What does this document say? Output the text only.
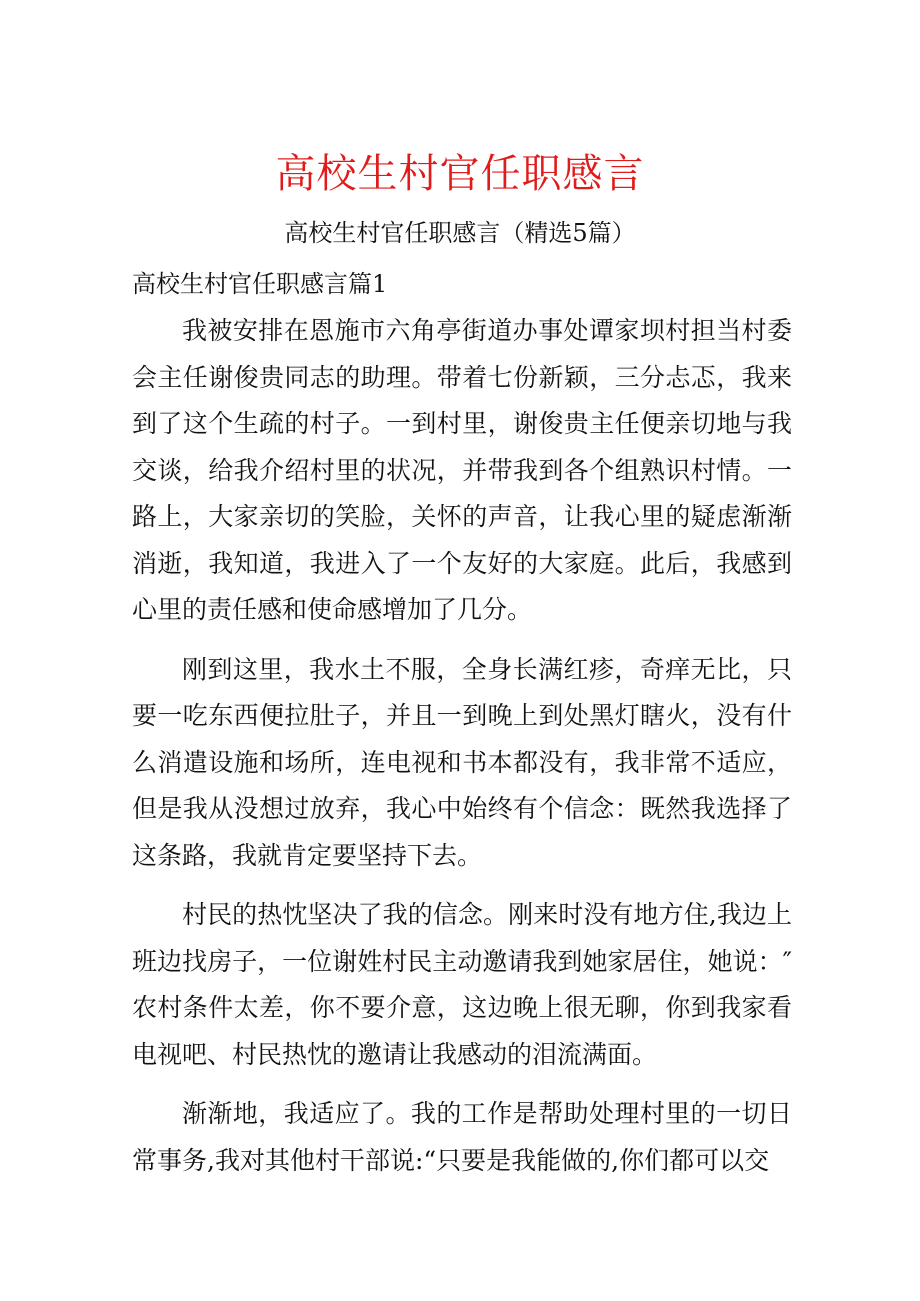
高校生村官任职感言
高校生村官任职感言（精选5篇）
高校生村官任职感言篇1

我被安排在恩施市六角亭街道办事处谭家坝村担当村委会主任谢俊贵同志的助理。带着七份新颖，三分忐忑，我来到了这个生疏的村子。一到村里，谢俊贵主任便亲切地与我交谈，给我介绍村里的状况，并带我到各个组熟识村情。一路上，大家亲切的笑脸，关怀的声音，让我心里的疑虑渐渐消逝，我知道，我进入了一个友好的大家庭。此后，我感到心里的责任感和使命感增加了几分。

刚到这里，我水土不服，全身长满红疹，奇痒无比，只要一吃东西便拉肚子，并且一到晚上到处黑灯瞎火，没有什么消遣设施和场所，连电视和书本都没有，我非常不适应，但是我从没想过放弃，我心中始终有个信念：既然我选择了这条路，我就肯定要坚持下去。

村民的热忱坚决了我的信念。刚来时没有地方住,我边上班边找房子，一位谢姓村民主动邀请我到她家居住，她说：″农村条件太差，你不要介意，这边晚上很无聊，你到我家看电视吧、村民热忱的邀请让我感动的泪流满面。

渐渐地，我适应了。我的工作是帮助处理村里的一切日常事务,我对其他村干部说:“只要是我能做的,你们都可以交
